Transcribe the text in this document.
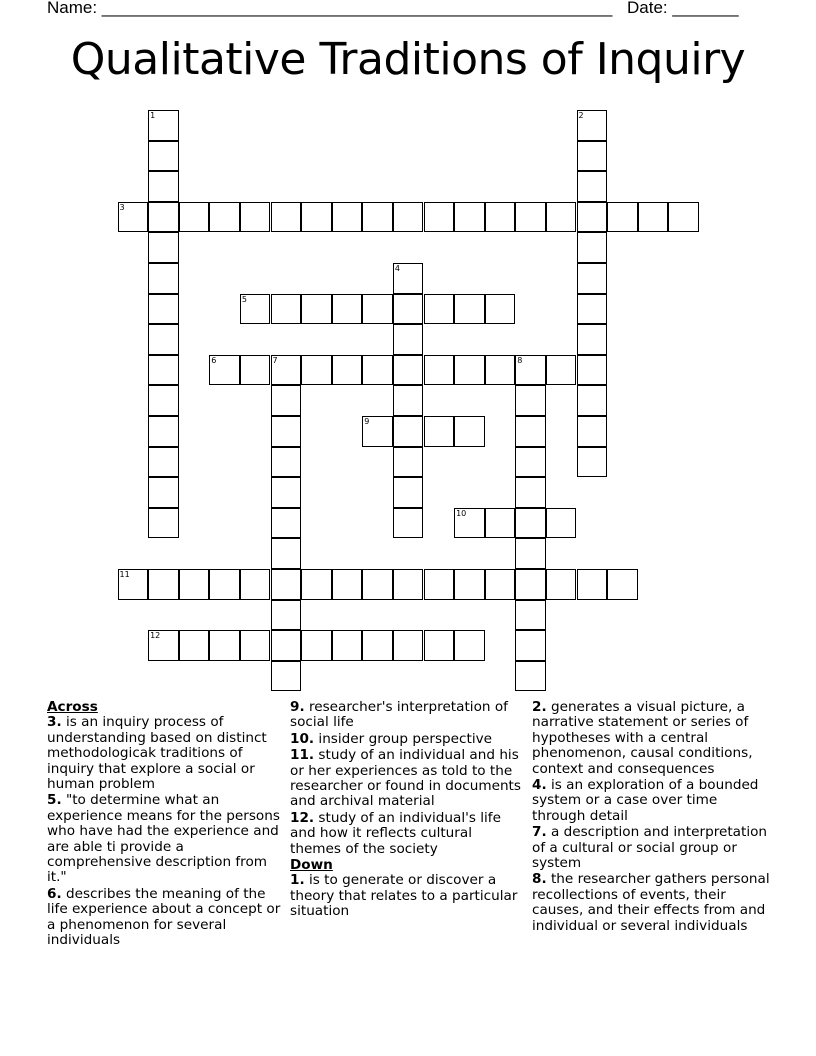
Name: ______________________________________________________ Date: _______
Qualitative Traditions of Inquiry
1	2
3
4
5
6	7	8
9
10
11
12
Across
3. is an inquiry process of understanding based on distinct methodologicak traditions of inquiry that explore a social or human problem
5. "to determine what an experience means for the persons who have had the experience and are able ti provide a comprehensive description from it."
6. describes the meaning of the life experience about a concept or a phenomenon for several individuals
9. researcher's interpretation of social life
10. insider group perspective
11. study of an individual and his or her experiences as told to the researcher or found in documents and archival material
12. study of an individual's life and how it reflects cultural themes of the society
Down
1. is to generate or discover a theory that relates to a particular situation
2. generates a visual picture, a narrative statement or series of hypotheses with a central phenomenon, causal conditions, context and consequences
4. is an exploration of a bounded system or a case over time through detail
7. a description and interpretation of a cultural or social group or system
8. the researcher gathers personal recollections of events, their causes, and their effects from and individual or several individuals
